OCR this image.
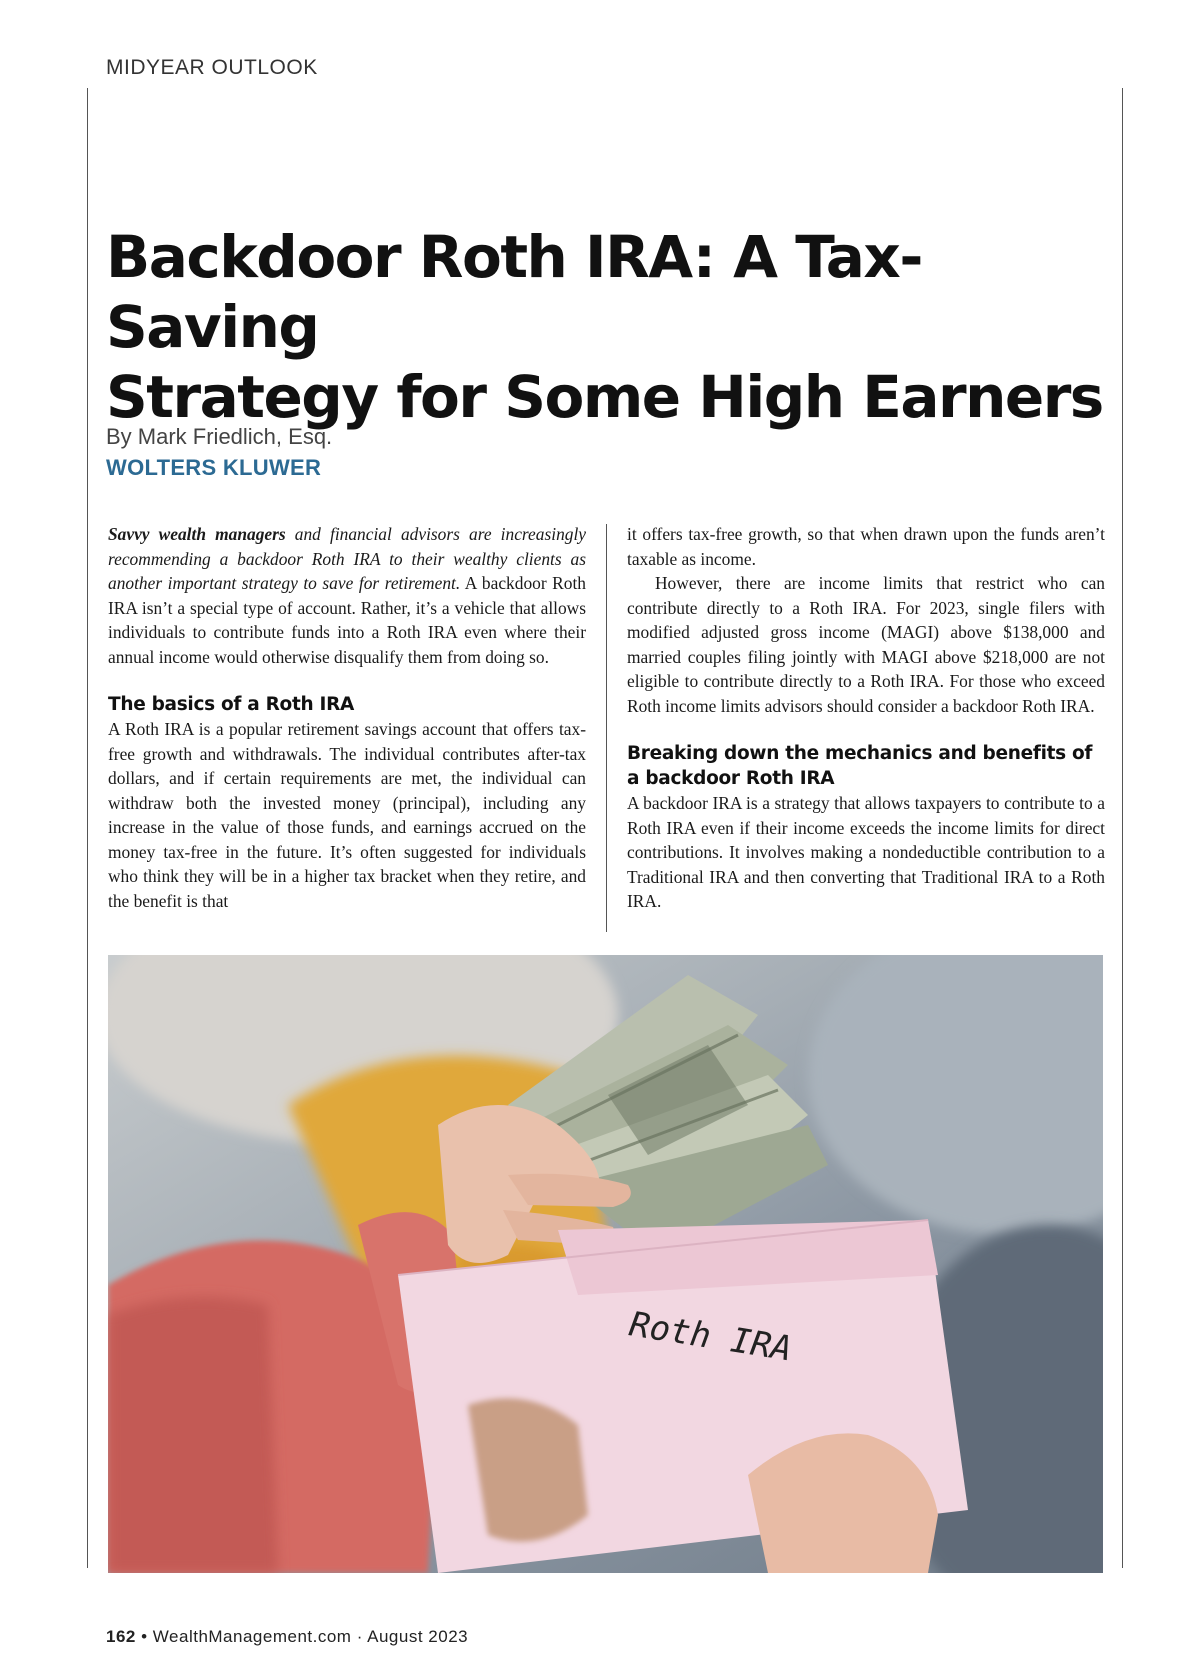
MIDYEAR OUTLOOK
Backdoor Roth IRA: A Tax-Saving
Strategy for Some High Earners
By Mark Friedlich, Esq.
WOLTERS KLUWER

Savvy wealth managers and financial advisors are increasingly recommending a backdoor Roth IRA to their wealthy clients as another important strategy to save for retirement. A backdoor Roth IRA isn’t a special type of account. Rather, it’s a vehicle that allows individuals to contribute funds into a Roth IRA even where their annual income would otherwise disqualify them from doing so.

The basics of a Roth IRA

A Roth IRA is a popular retirement savings account that offers tax-free growth and withdrawals. The individual contributes after-tax dollars, and if certain requirements are met, the individual can withdraw both the invested money (principal), including any increase in the value of those funds, and earnings accrued on the money tax-free in the future. It’s often suggested for individuals who think they will be in a higher tax bracket when they retire, and the benefit is that

it offers tax-free growth, so that when drawn upon the funds aren’t taxable as income.

However, there are income limits that restrict who can contribute directly to a Roth IRA. For 2023, single filers with modified adjusted gross income (MAGI) above $138,000 and married couples filing jointly with MAGI above $218,000 are not eligible to contribute directly to a Roth IRA. For those who exceed Roth income limits advisors should consider a backdoor Roth IRA.

Breaking down the mechanics and benefits of a backdoor Roth IRA

A backdoor IRA is a strategy that allows taxpayers to contribute to a Roth IRA even if their income exceeds the income limits for direct contributions. It involves making a nondeductible contribution to a Traditional IRA and then converting that Traditional IRA to a Roth IRA.

Roth IRA
162 • WealthManagement.com · August 2023
